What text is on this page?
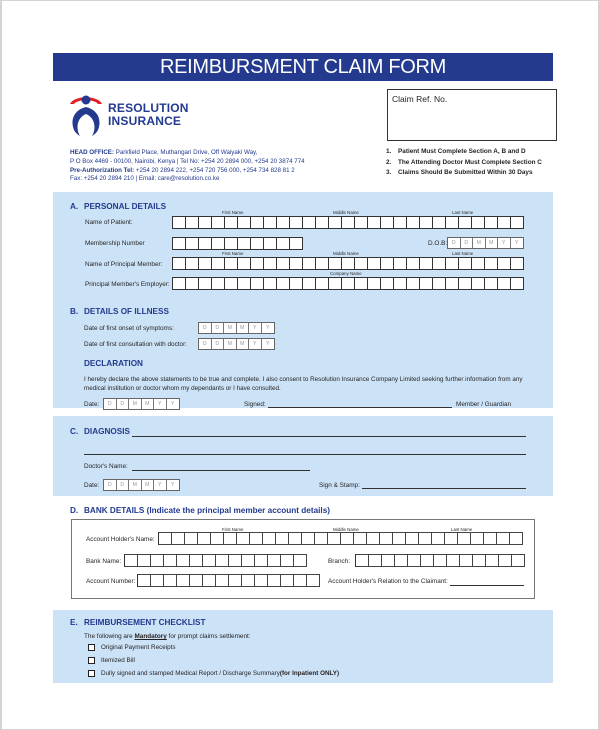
REIMBURSMENT CLAIM FORM
RESOLUTION
INSURANCE
HEAD OFFICE: Parkfield Place, Muthangari Drive, Off Waiyaki Way,
P O Box 4469 - 00100, Nairobi, Kenya | Tel No: +254 20 2894 000, +254 20 3874 774
Pre-Authorization Tel: +254 20 2894 222, +254 720 756 000, +254 734 828 81 2
Fax: +254 20 2894 210 | Email: care@resolution.co.ke
Claim Ref. No.
1. Patient Must Complete Section A, B and D
2. The Attending Doctor Must Complete Section C
3. Claims Should Be Submitted Within 30 Days
A. PERSONAL DETAILS
First Name	Middle Name	Last Name
Name of Patient:
Membership Number	D.O.B: D	D	M	M	Y	Y
First Name	Middle Name	Last Name
Name of Principal Member:
Company Name
Principal Member's Employer:
B. DETAILS OF ILLNESS
Date of first onset of symptoms:	D	D	M	M	Y	Y
Date of first consultation with doctor:	D	D	M	M	Y	Y
DECLARATION
I hereby declare the above statements to be true and complete. I also consent to Resolution Insurance Company Limited seeking further information from any medical institution or doctor whom my dependants or I have consulted.
Date:	D	D	M	M	Y	Y	Signed:	Member / Guardian
C. DIAGNOSIS
Doctor's Name:
Date:	D	D	M	M	Y	Y	Sign & Stamp:
D. BANK DETAILS (Indicate the principal member account details)
First Name	Middle Name	Last Name
Account Holder's Name:
Bank Name:	Branch:
Account Number:	Account Holder's Relation to the Claimant:
E. REIMBURSEMENT CHECKLIST
The following are Mandatory for prompt claims settlement:
Original Payment Receipts
Itemized Bill
Dully signed and stamped Medical Report / Discharge Summary (for Inpatient ONLY)
